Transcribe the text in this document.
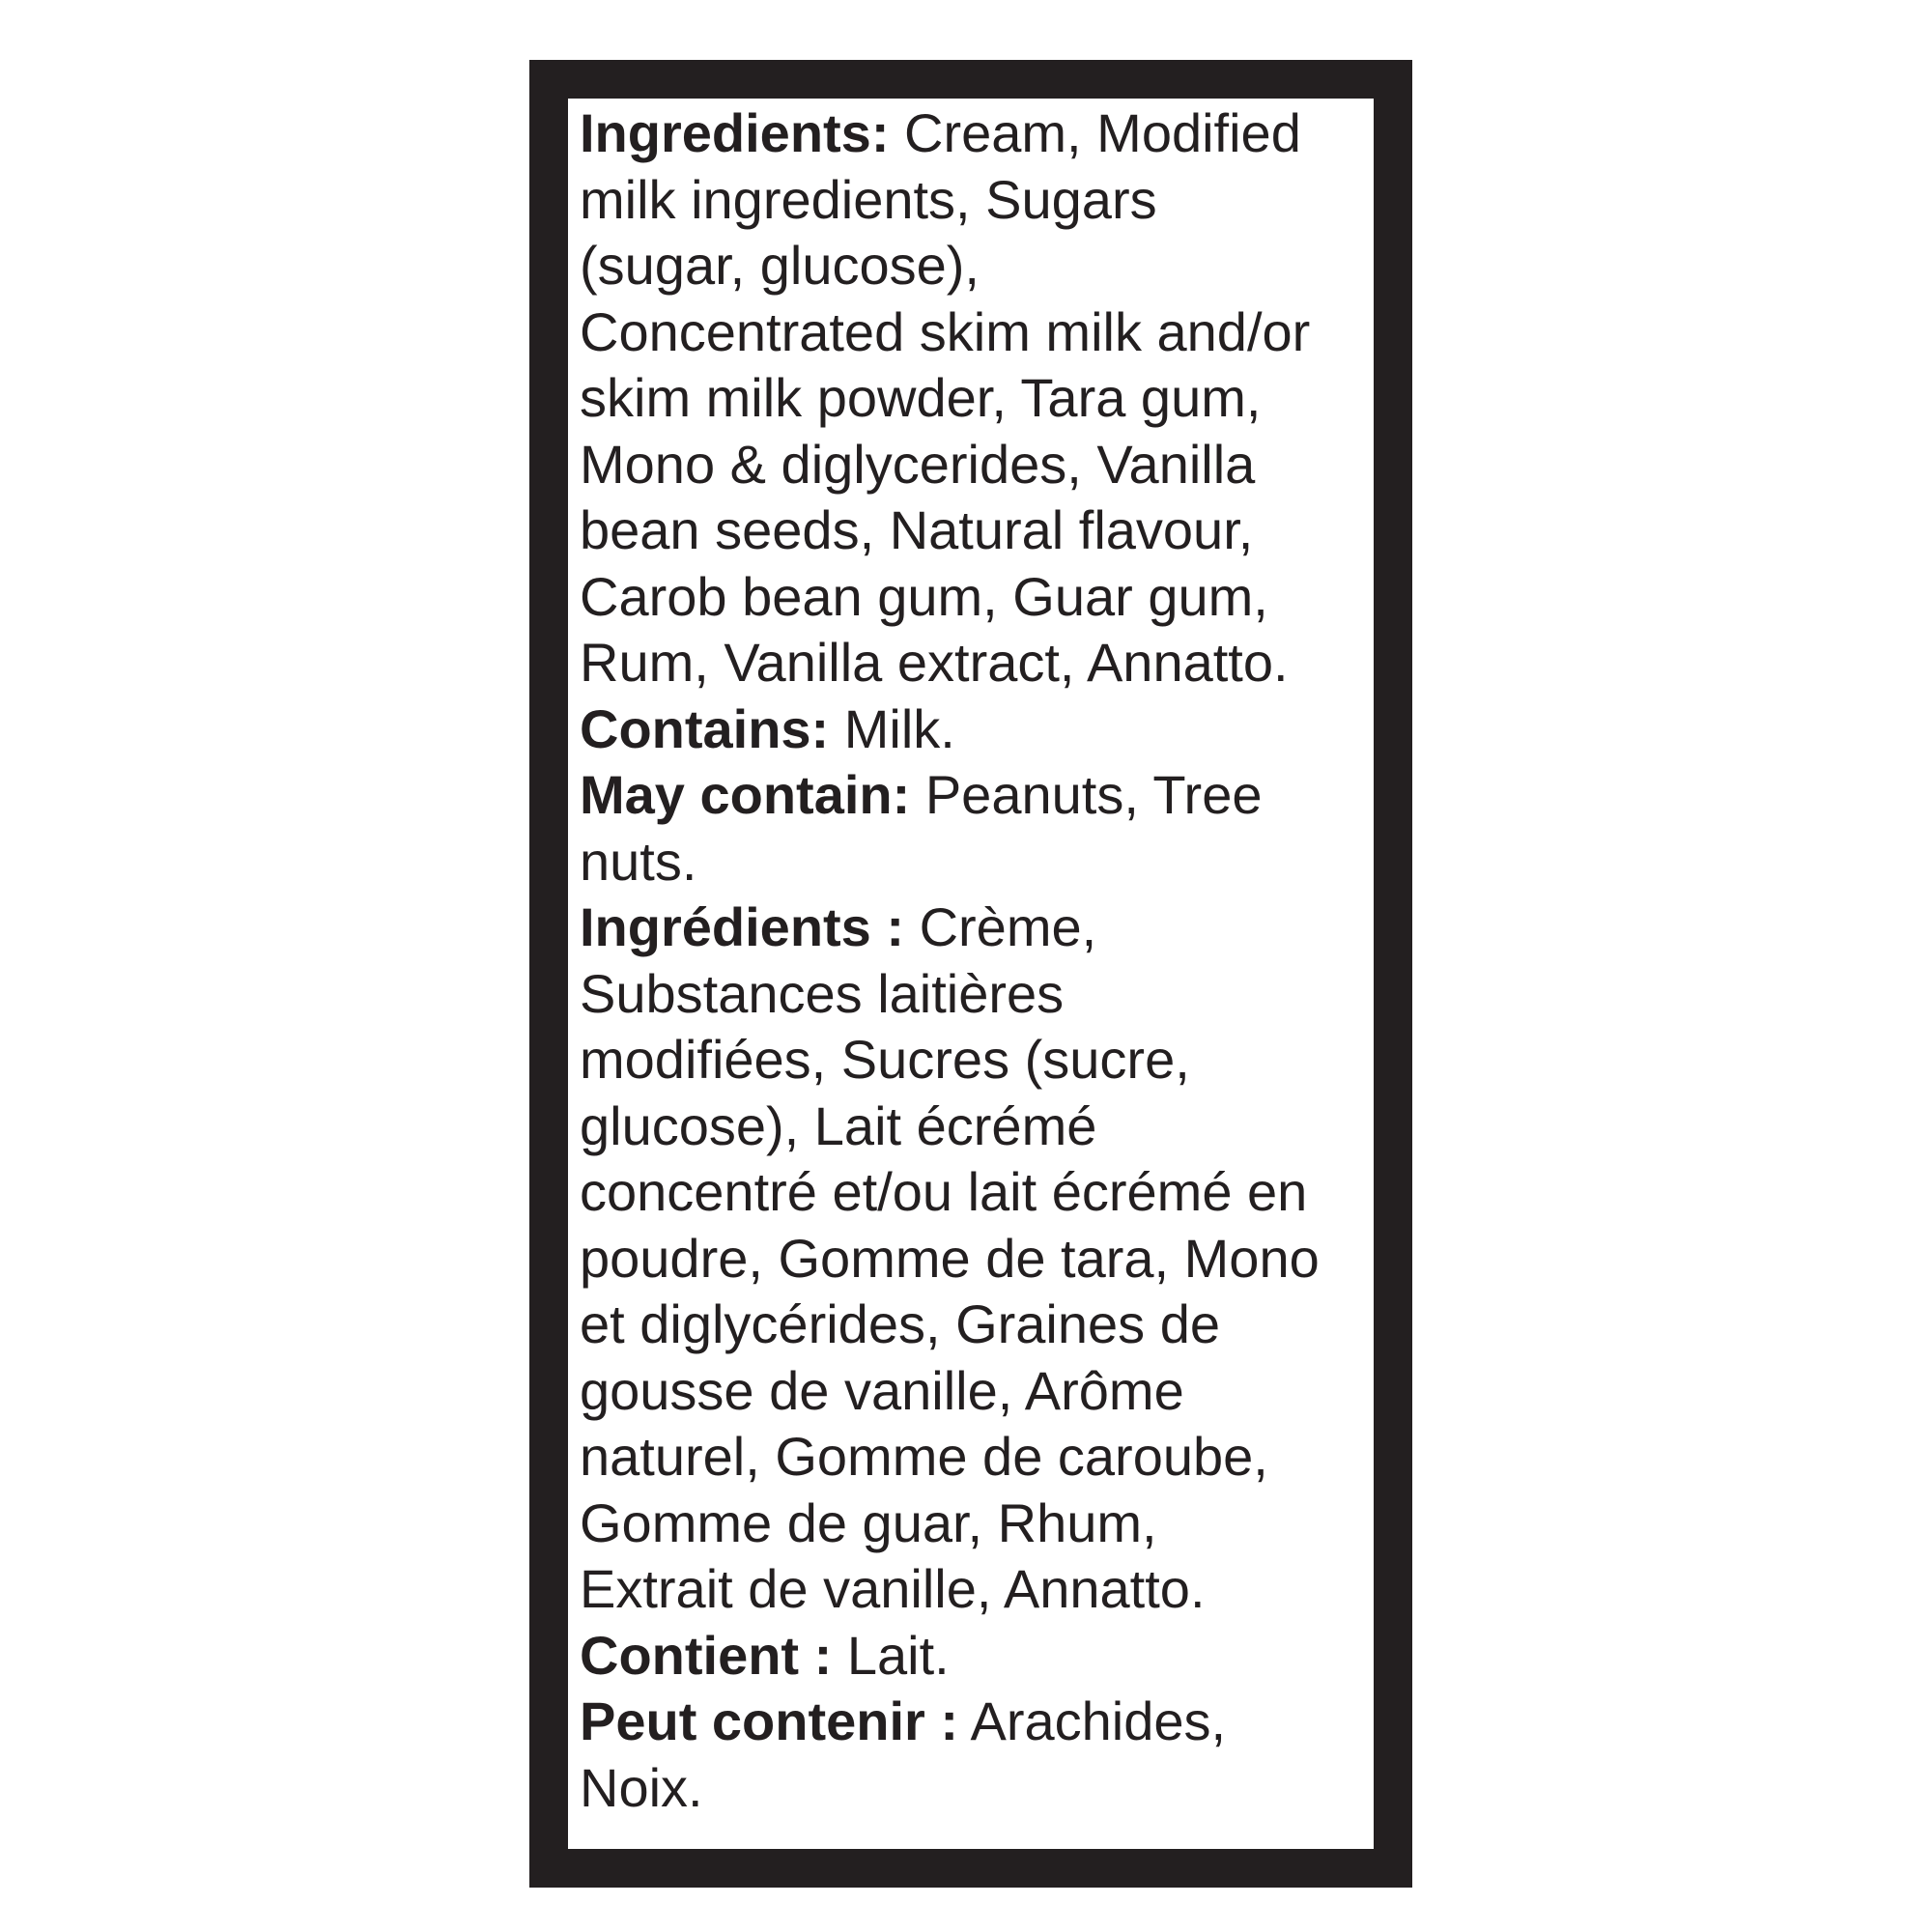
Ingredients: Cream, Modified
milk ingredients, Sugars
(sugar, glucose),
Concentrated skim milk and/or
skim milk powder, Tara gum,
Mono & diglycerides, Vanilla
bean seeds, Natural flavour,
Carob bean gum, Guar gum,
Rum, Vanilla extract, Annatto.
Contains: Milk.
May contain: Peanuts, Tree
nuts.
Ingrédients : Crème,
Substances laitières
modifiées, Sucres (sucre,
glucose), Lait écrémé
concentré et/ou lait écrémé en
poudre, Gomme de tara, Mono
et diglycérides, Graines de
gousse de vanille, Arôme
naturel, Gomme de caroube,
Gomme de guar, Rhum,
Extrait de vanille, Annatto.
Contient : Lait.
Peut contenir : Arachides,
Noix.
